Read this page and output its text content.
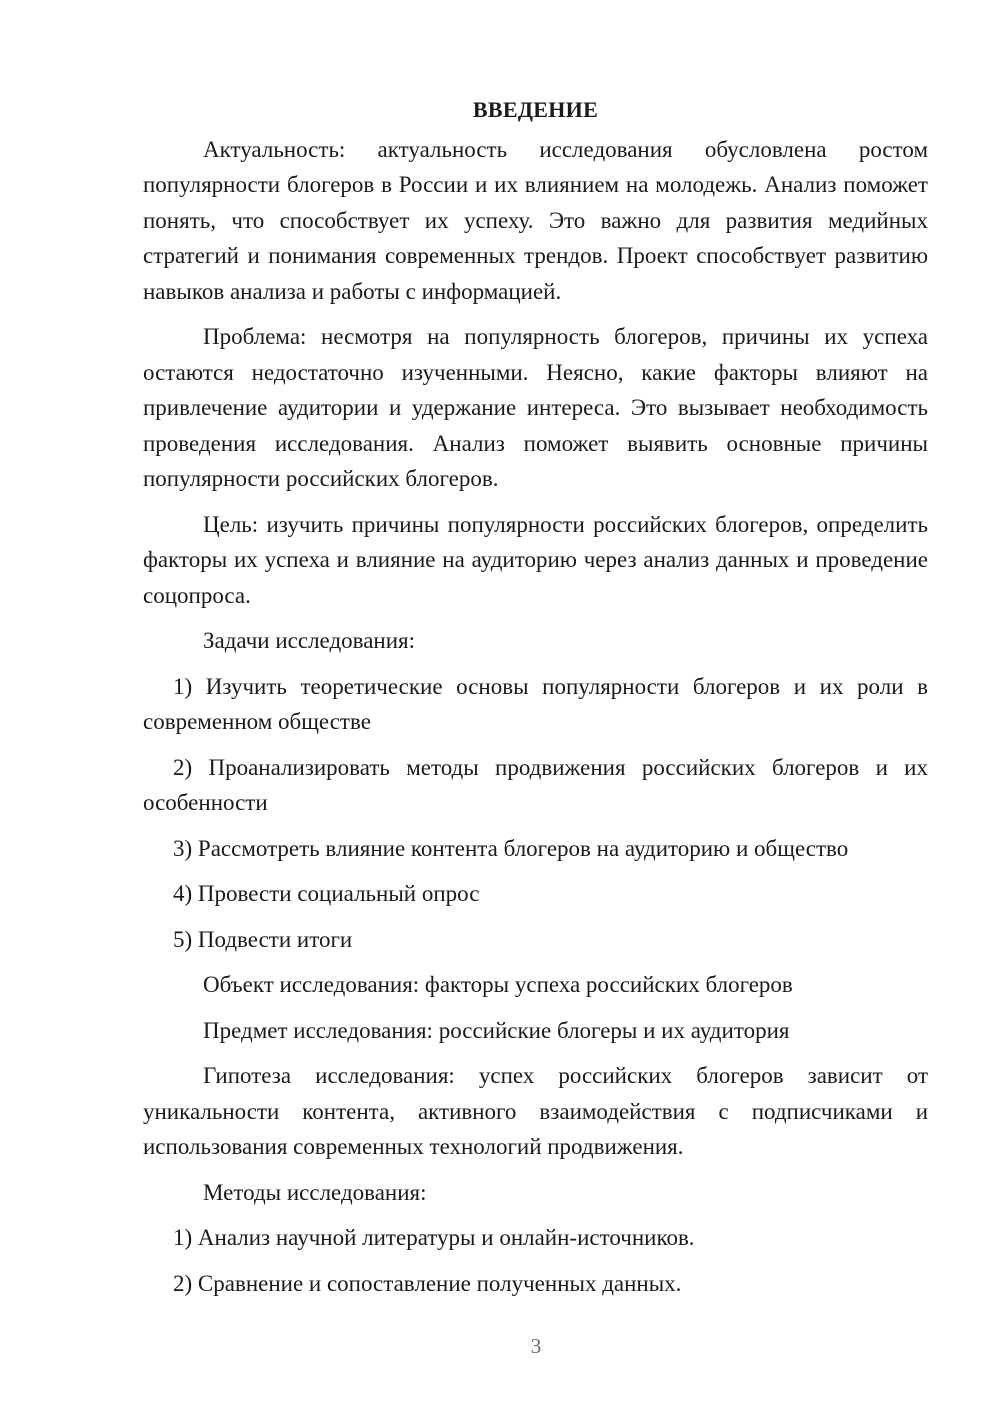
ВВЕДЕНИЕ

Актуальность: актуальность исследования обусловлена ростом популярности блогеров в России и их влиянием на молодежь. Анализ поможет понять, что способствует их успеху. Это важно для развития медийных стратегий и понимания современных трендов. Проект способствует развитию навыков анализа и работы с информацией.

Проблема: несмотря на популярность блогеров, причины их успеха остаются недостаточно изученными. Неясно, какие факторы влияют на привлечение аудитории и удержание интереса. Это вызывает необходимость проведения исследования. Анализ поможет выявить основные причины популярности российских блогеров.

Цель: изучить причины популярности российских блогеров, определить факторы их успеха и влияние на аудиторию через анализ данных и проведение соцопроса.

Задачи исследования:

1) Изучить теоретические основы популярности блогеров и их роли в современном обществе

2) Проанализировать методы продвижения российских блогеров и их особенности

3) Рассмотреть влияние контента блогеров на аудиторию и общество

4) Провести социальный опрос

5) Подвести итоги

Объект исследования: факторы успеха российских блогеров

Предмет исследования: российские блогеры и их аудитория

Гипотеза исследования: успех российских блогеров зависит от уникальности контента, активного взаимодействия с подписчиками и использования современных технологий продвижения.

Методы исследования:

1) Анализ научной литературы и онлайн-источников.

2) Сравнение и сопоставление полученных данных.

3
